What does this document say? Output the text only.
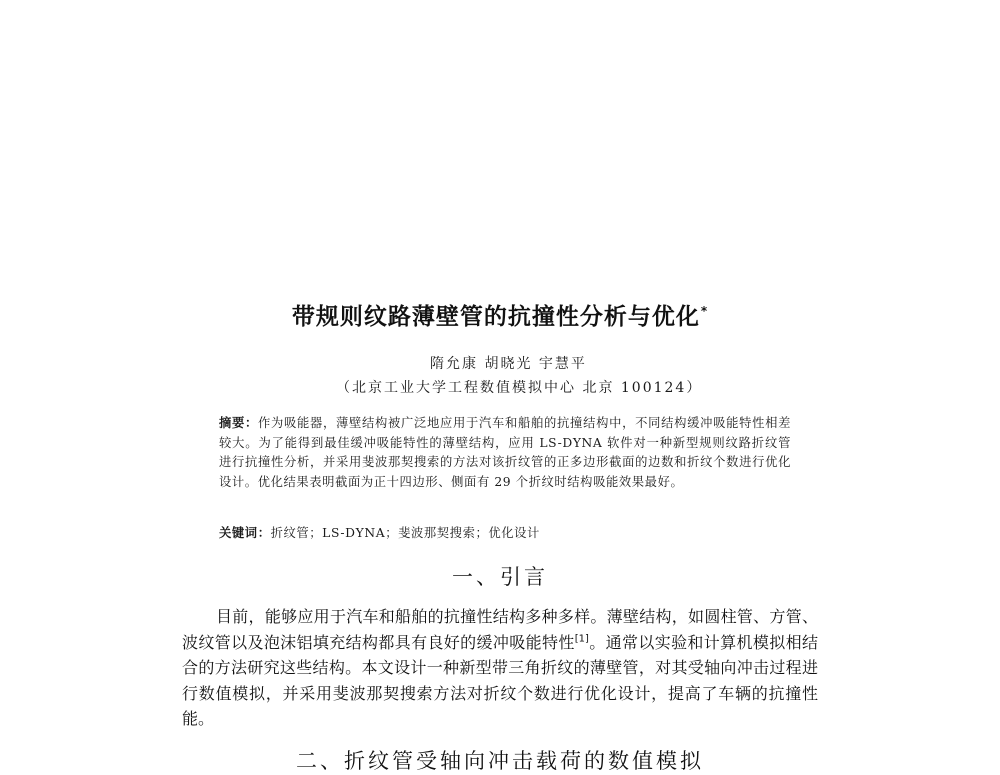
带规则纹路薄壁管的抗撞性分析与优化*
隋允康 胡晓光 宇慧平
（北京工业大学工程数值模拟中心 北京 100124）
摘要：作为吸能器，薄壁结构被广泛地应用于汽车和船舶的抗撞结构中，不同结构缓冲吸能特性相差较大。为了能得到最佳缓冲吸能特性的薄壁结构，应用 LS-DYNA 软件对一种新型规则纹路折纹管进行抗撞性分析，并采用斐波那契搜索的方法对该折纹管的正多边形截面的边数和折纹个数进行优化设计。优化结果表明截面为正十四边形、侧面有 29 个折纹时结构吸能效果最好。
关键词：折纹管；LS-DYNA；斐波那契搜索；优化设计
一、引言
目前，能够应用于汽车和船舶的抗撞性结构多种多样。薄壁结构，如圆柱管、方管、波纹管以及泡沫铝填充结构都具有良好的缓冲吸能特性[1]。通常以实验和计算机模拟相结合的方法研究这些结构。本文设计一种新型带三角折纹的薄壁管，对其受轴向冲击过程进行数值模拟，并采用斐波那契搜索方法对折纹个数进行优化设计，提高了车辆的抗撞性能。
二、折纹管受轴向冲击载荷的数值模拟
